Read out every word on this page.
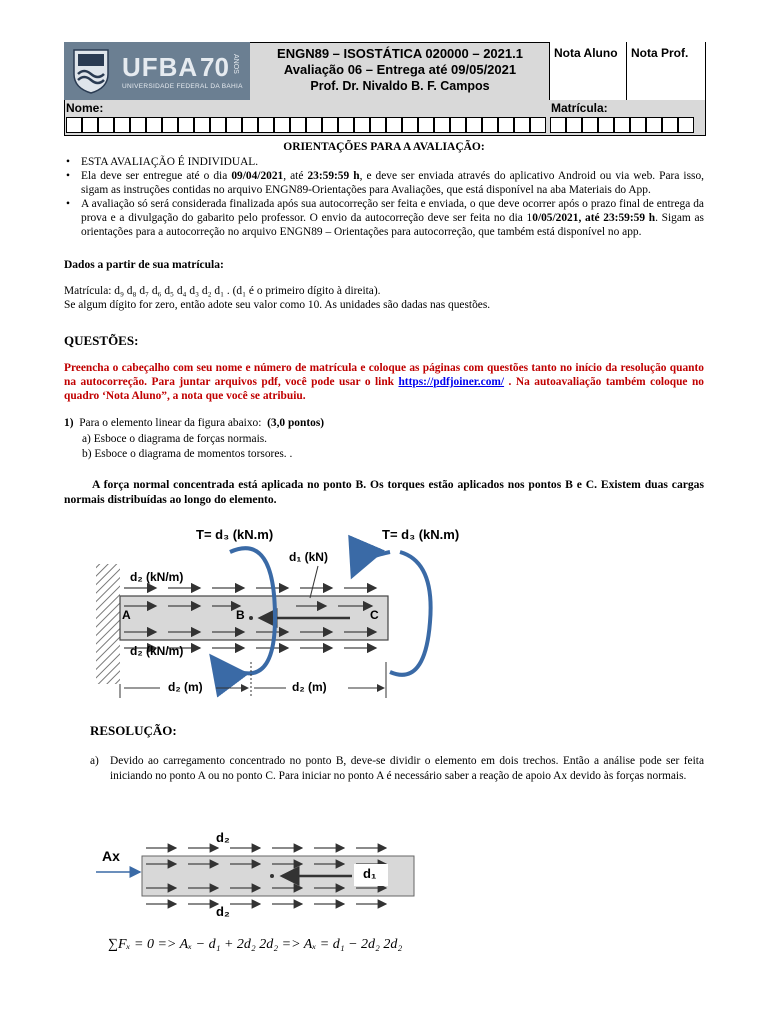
UFBA 70 ANOS
UNIVERSIDADE FEDERAL DA BAHIA
ENGN89 – ISOSTÁTICA 020000 – 2021.1
Avaliação 06 – Entrega até 09/05/2021
Prof. Dr. Nivaldo B. F. Campos
Nota Aluno Nota Prof.
Nome:	Matrícula:
ORIENTAÇÕES PARA A AVALIAÇÃO:
• ESTA AVALIAÇÃO É INDIVIDUAL.
• Ela deve ser entregue até o dia 09/04/2021, até 23:59:59 h, e deve ser enviada através do aplicativo Android ou via web. Para isso, sigam as instruções contidas no arquivo ENGN89-Orientações para Avaliações, que está disponível na aba Materiais do App.
• A avaliação só será considerada finalizada após sua autocorreção ser feita e enviada, o que deve ocorrer após o prazo final de entrega da prova e a divulgação do gabarito pelo professor. O envio da autocorreção deve ser feita no dia 10/05/2021, até 23:59:59 h. Sigam as orientações para a autocorreção no arquivo ENGN89 – Orientações para autocorreção, que também está disponível no app.
Dados a partir de sua matrícula:
Matrícula: d₉ d₈ d₇ d₆ d₅ d₄ d₃ d₂ d₁ . (d₁ é o primeiro dígito à direita).
Se algum dígito for zero, então adote seu valor como 10. As unidades são dadas nas questões.
QUESTÕES:
Preencha o cabeçalho com seu nome e número de matrícula e coloque as páginas com questões tanto no início da resolução quanto na autocorreção. Para juntar arquivos pdf, você pode usar o link https://pdfjoiner.com/ . Na autoavaliação também coloque no quadro ‘Nota Aluno”, a nota que você se atribuiu.
1) Para o elemento linear da figura abaixo: (3,0 pontos)
a) Esboce o diagrama de forças normais.
b) Esboce o diagrama de momentos torsores. .
A força normal concentrada está aplicada no ponto B. Os torques estão aplicados nos pontos B e C. Existem duas cargas normais distribuídas ao longo do elemento.
T= d₃ (kN.m)	T= d₃ (kN.m)
d₁ (kN)
d₂ (kN/m)
d₂ (kN/m)
A	B	C
d₂ (m)	d₂ (m)
RESOLUÇÃO:
a) Devido ao carregamento concentrado no ponto B, deve-se dividir o elemento em dois trechos. Então a análise pode ser feita iniciando no ponto A ou no ponto C. Para iniciar no ponto A é necessário saber a reação de apoio Ax devido às forças normais.
Ax
d₂
d₂
d₁
∑Fₓ = 0 => Aₓ − d₁ + 2d₂ 2d₂ => Aₓ = d₁ − 2d₂ 2d₂
